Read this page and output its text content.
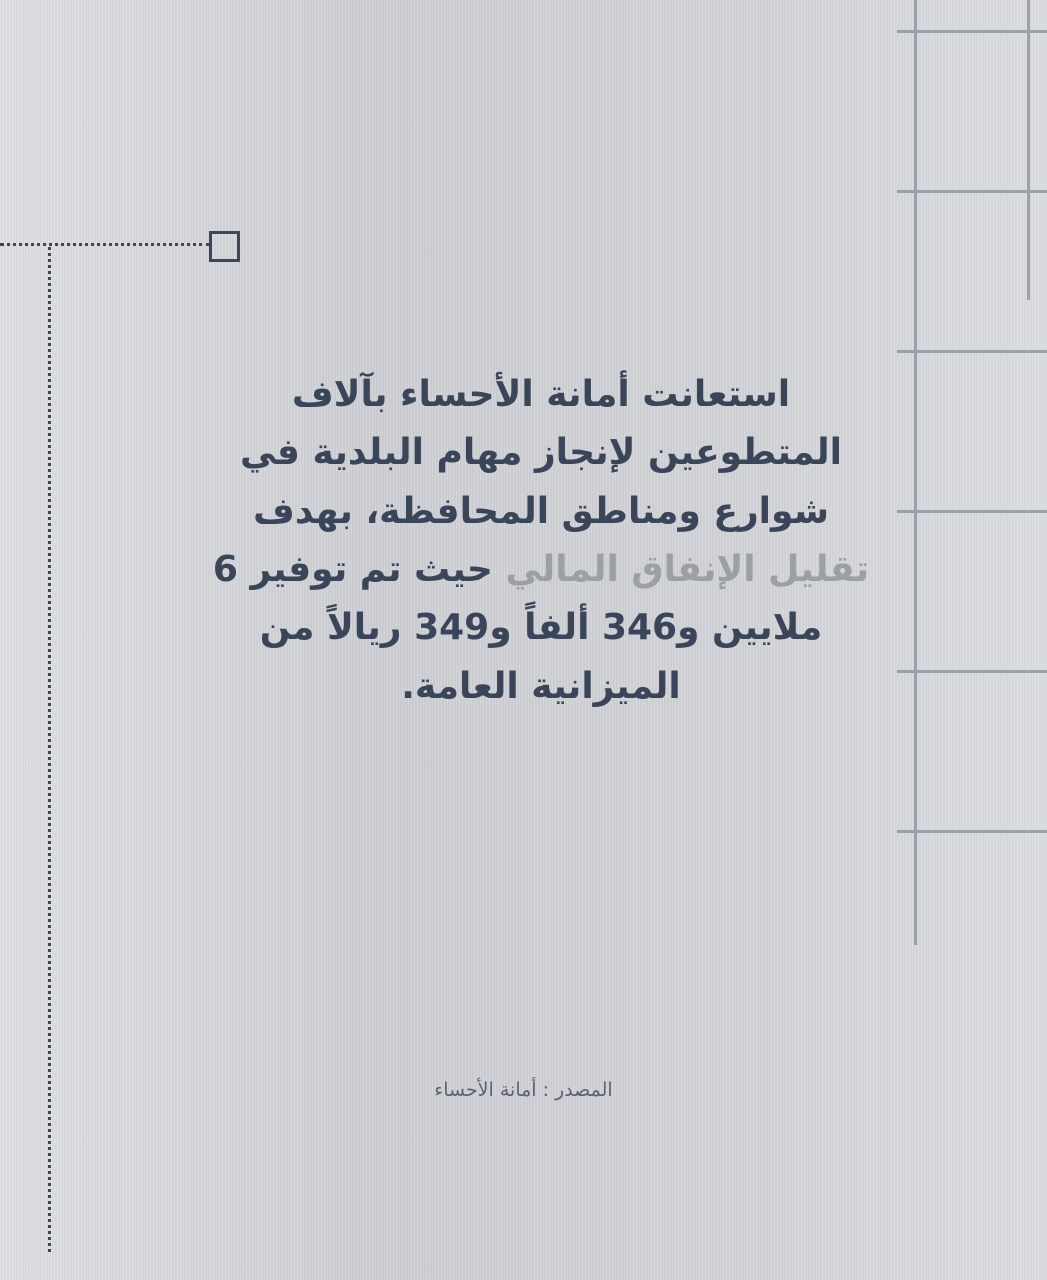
استعانت أمانة الأحساء بآلاف المتطوعين لإنجاز مهام البلدية في شوارع ومناطق المحافظة، بهدف تقليل الإنفاق المالي حيث تم توفير 6 ملايين و346 ألفاً و349 ريالاً من الميزانية العامة.
المصدر : أمانة الأحساء
